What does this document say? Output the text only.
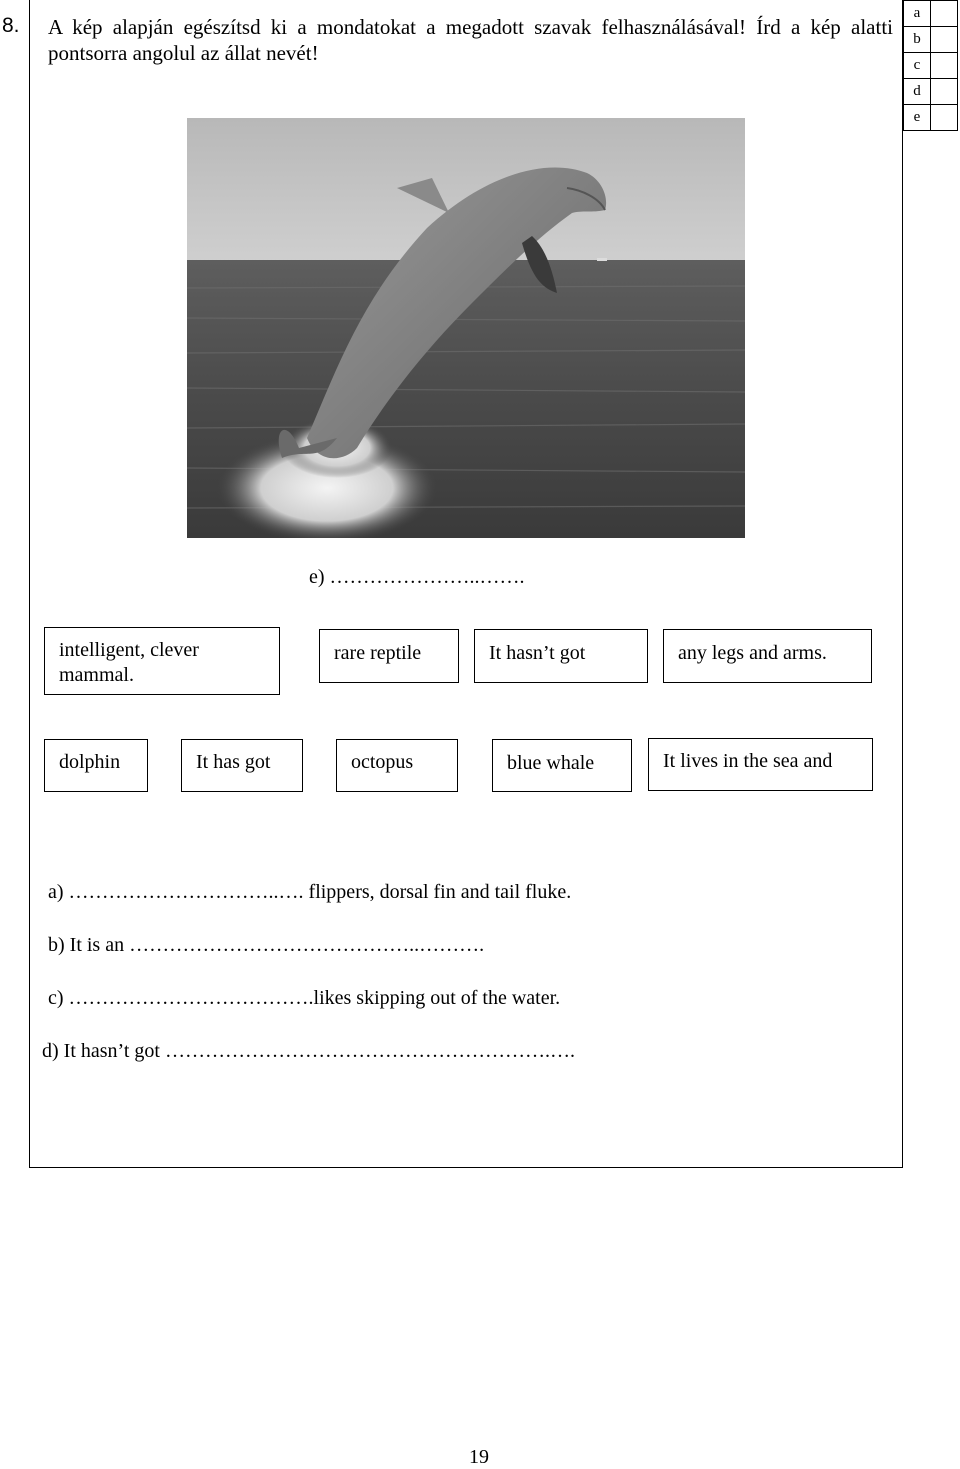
8. A kép alapján egészítsd ki a mondatokat a megadott szavak felhasználásával! Írd a kép alatti pontsorra angolul az állat nevét!
a	
b	
c	
d	
e	
e) …………………..…….
intelligent, clever mammal.
rare reptile	It hasn’t got	any legs and arms.
dolphin	It has got	octopus	blue whale	It lives in the sea and
a) …………………………..…. flippers, dorsal fin and tail fluke.
b) It is an ……………………………………..……….
c) ……………………………….likes skipping out of the water.
d) It hasn’t got ………………………………………………….….
19
